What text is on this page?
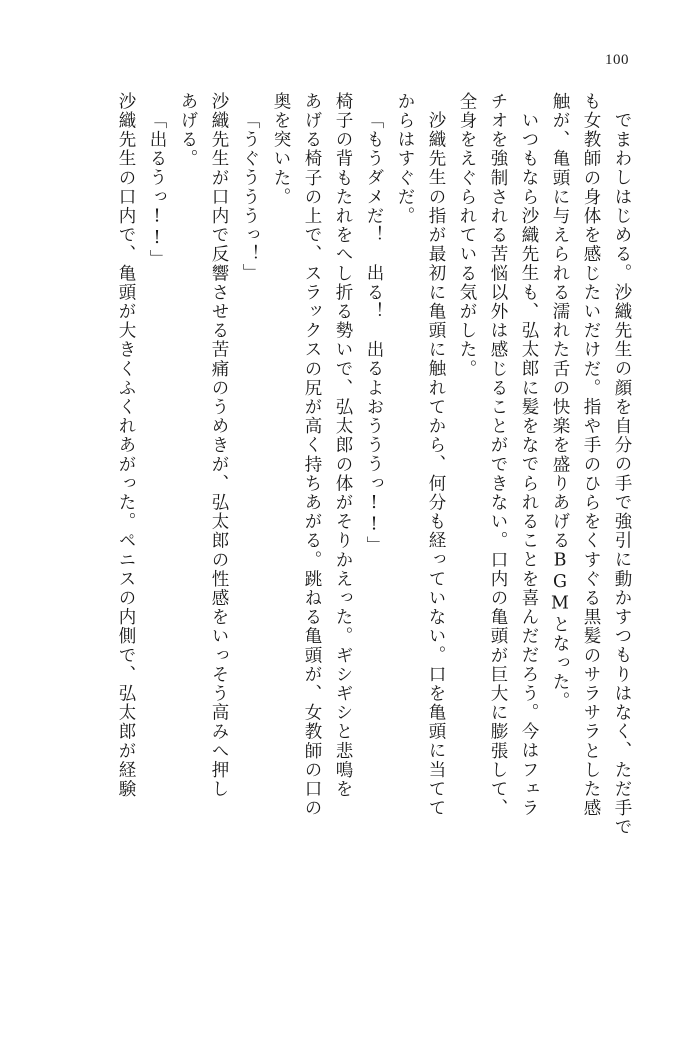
100
でまわしはじめる。沙織先生の顔を自分の手で強引に動かすつもりはなく、ただ手で
も女教師の身体を感じたいだけだ。指や手のひらをくすぐる黒髪のサラサラとした感
触が、亀頭に与えられる濡れた舌の快楽を盛りあげるBGMとなった。
いつもなら沙織先生も、弘太郎に髪をなでられることを喜んだだろう。今はフェラ
チオを強制される苦悩以外は感じることができない。口内の亀頭が巨大に膨張して、
全身をえぐられている気がした。
沙織先生の指が最初に亀頭に触れてから、何分も経っていない。口を亀頭に当てて
からはすぐだ。
「もうダメだ！　出る！　出るよおうううっ!!」
椅子の背もたれをへし折る勢いで、弘太郎の体がそりかえった。ギシギシと悲鳴を
あげる椅子の上で、スラックスの尻が高く持ちあがる。跳ねる亀頭が、女教師の口の
奥を突いた。
「うぐうううっ！」
沙織先生が口内で反響させる苦痛のうめきが、弘太郎の性感をいっそう高みへ押し
あげる。
「出るうっ!!」
沙織先生の口内で、亀頭が大きくふくれあがった。ペニスの内側で、弘太郎が経験
